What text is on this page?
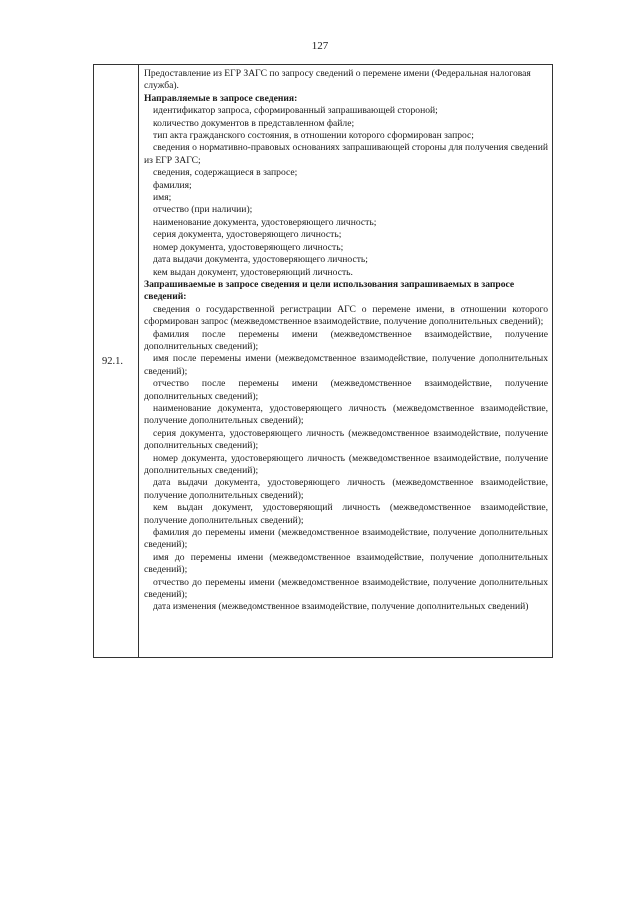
127
92.1.

Предоставление из ЕГР ЗАГС по запросу сведений о перемене имени (Федеральная налоговая служба).

Направляемые в запросе сведения:

идентификатор запроса, сформированный запрашивающей стороной;

количество документов в представленном файле;

тип акта гражданского состояния, в отношении которого сформирован запрос;

сведения о нормативно-правовых основаниях запрашивающей стороны для получения сведений из ЕГР ЗАГС;

сведения, содержащиеся в запросе;

фамилия;

имя;

отчество (при наличии);

наименование документа, удостоверяющего личность;

серия документа, удостоверяющего личность;

номер документа, удостоверяющего личность;

дата выдачи документа, удостоверяющего личность;

кем выдан документ, удостоверяющий личность.

Запрашиваемые в запросе сведения и цели использования запрашиваемых в запросе сведений:

сведения о государственной регистрации АГС о перемене имени, в отношении которого сформирован запрос (межведомственное взаимодействие, получение дополнительных сведений);

фамилия после перемены имени (межведомственное взаимодействие, получение дополнительных сведений);

имя после перемены имени (межведомственное взаимодействие, получение дополнительных сведений);

отчество после перемены имени (межведомственное взаимодействие, получение дополнительных сведений);

наименование документа, удостоверяющего личность (межведомственное взаимодействие, получение дополнительных сведений);

серия документа, удостоверяющего личность (межведомственное взаимодействие, получение дополнительных сведений);

номер документа, удостоверяющего личность (межведомственное взаимодействие, получение дополнительных сведений);

дата выдачи документа, удостоверяющего личность (межведомственное взаимодействие, получение дополнительных сведений);

кем выдан документ, удостоверяющий личность (межведомственное взаимодействие, получение дополнительных сведений);

фамилия до перемены имени (межведомственное взаимодействие, получение дополнительных сведений);

имя до перемены имени (межведомственное взаимодействие, получение дополнительных сведений);

отчество до перемены имени (межведомственное взаимодействие, получение дополнительных сведений);

дата изменения (межведомственное взаимодействие, получение дополнительных сведений)
